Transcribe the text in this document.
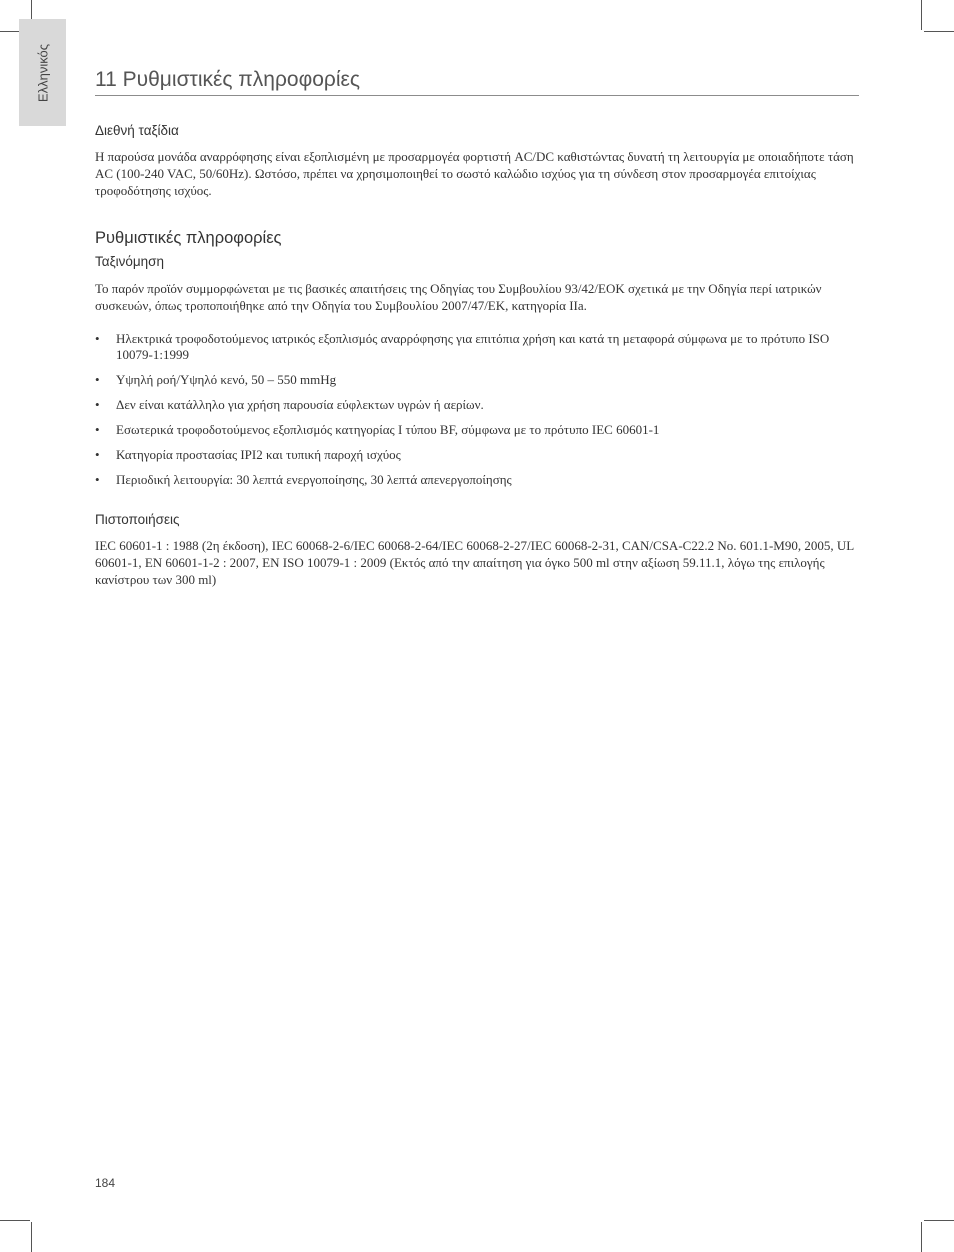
Ελληνικός 11 Ρυθμιστικές πληροφορίες
Διεθνή ταξίδια

Η παρούσα μονάδα αναρρόφησης είναι εξοπλισμένη με προσαρμογέα φορτιστή AC/DC καθιστώντας δυνατή τη λειτουργία με οποιαδήποτε τάση AC (100-240 VAC, 50/60Hz). Ωστόσο, πρέπει να χρησιμοποιηθεί το σωστό καλώδιο ισχύος για τη σύνδεση στον προσαρμογέα επιτοίχιας τροφοδότησης ισχύος.

Ρυθμιστικές πληροφορίες
Ταξινόμηση

Το παρόν προϊόν συμμορφώνεται με τις βασικές απαιτήσεις της Οδηγίας του Συμβουλίου 93/42/ΕΟΚ σχετικά με την Οδηγία περί ιατρικών συσκευών, όπως τροποποιήθηκε από την Οδηγία του Συμβουλίου 2007/47/ΕΚ, κατηγορία IIa.

• Ηλεκτρικά τροφοδοτούμενος ιατρικός εξοπλισμός αναρρόφησης για επιτόπια χρήση και κατά τη μεταφορά σύμφωνα με το πρότυπο ISO 10079-1:1999
• Υψηλή ροή/Υψηλό κενό, 50 – 550 mmHg
• Δεν είναι κατάλληλο για χρήση παρουσία εύφλεκτων υγρών ή αερίων.
• Εσωτερικά τροφοδοτούμενος εξοπλισμός κατηγορίας I τύπου BF, σύμφωνα με το πρότυπο IEC 60601-1
• Κατηγορία προστασίας IPI2 και τυπική παροχή ισχύος
• Περιοδική λειτουργία: 30 λεπτά ενεργοποίησης, 30 λεπτά απενεργοποίησης
Πιστοποιήσεις

IEC 60601-1 : 1988 (2η έκδοση), IEC 60068-2-6/IEC 60068-2-64/IEC 60068-2-27/IEC 60068-2-31, CAN/CSA-C22.2 No. 601.1-M90, 2005, UL 60601-1, EN 60601-1-2 : 2007, EN ISO 10079-1 : 2009 (Εκτός από την απαίτηση για όγκο 500 ml στην αξίωση 59.11.1, λόγω της επιλογής κανίστρου των 300 ml)

184
